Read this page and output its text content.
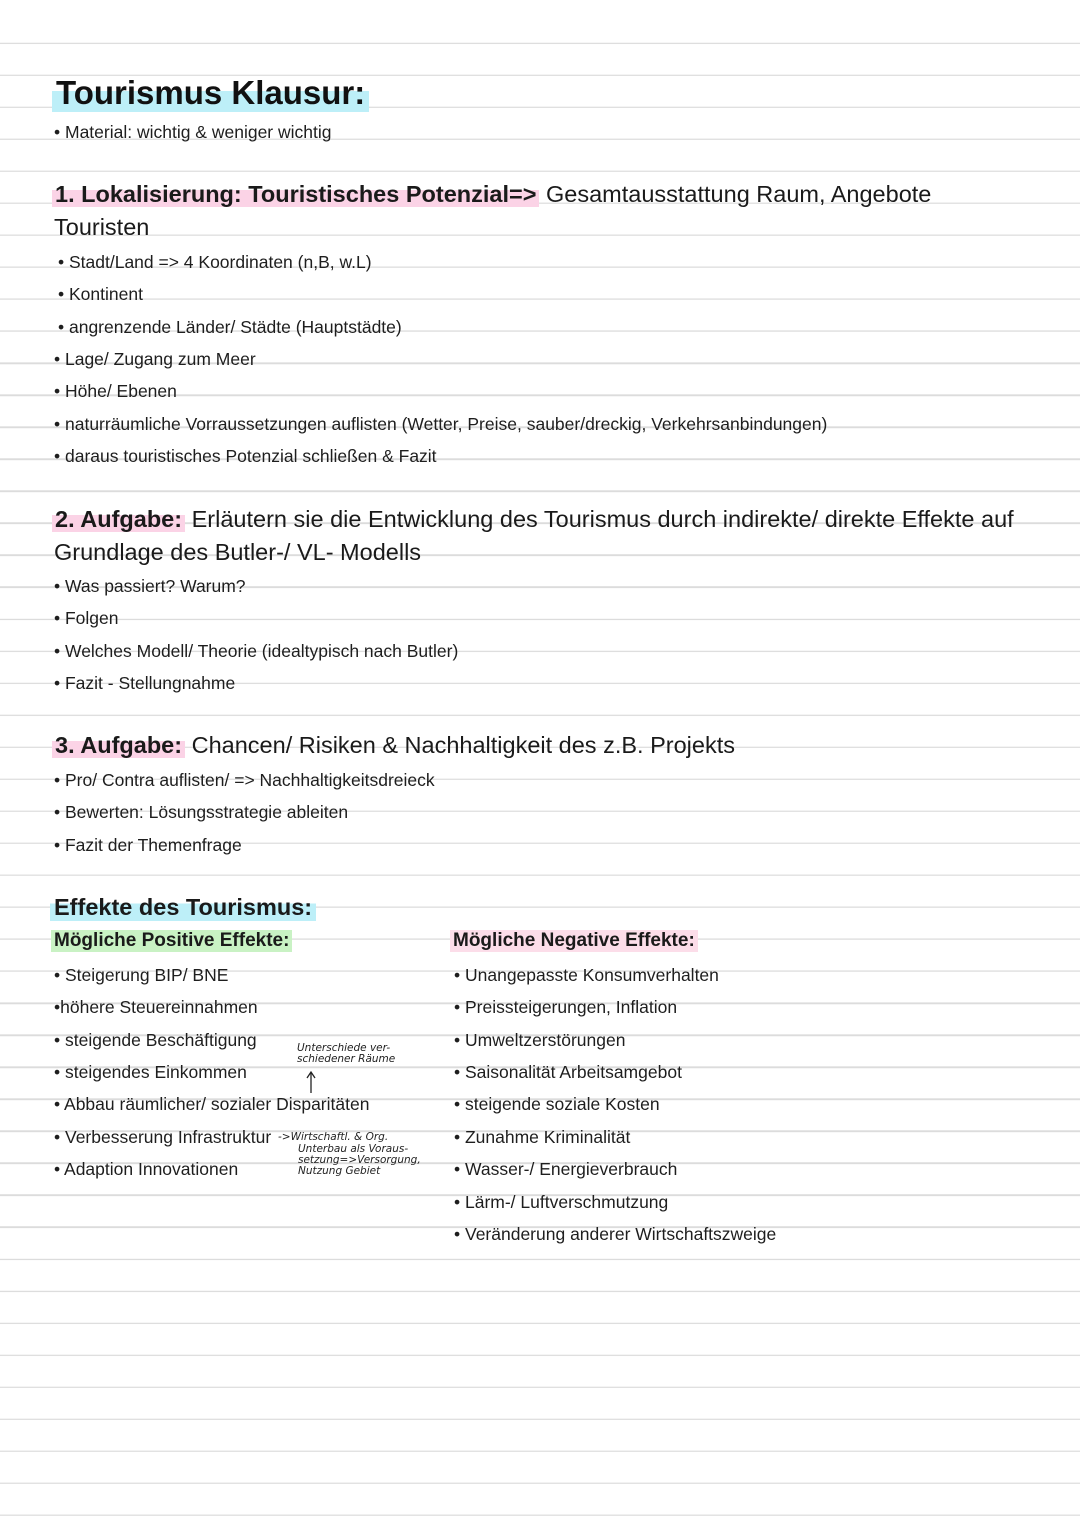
Tourismus Klausur:
• Material: wichtig & weniger wichtig
1. Lokalisierung: Touristisches Potenzial=> Gesamtausstattung Raum, Angebote
Touristen
• Stadt/Land => 4 Koordinaten (n,B, w.L)
• Kontinent
• angrenzende Länder/ Städte (Hauptstädte)
• Lage/ Zugang zum Meer
• Höhe/ Ebenen
• naturräumliche Vorraussetzungen auflisten (Wetter, Preise, sauber/dreckig, Verkehrsanbindungen)
• daraus touristisches Potenzial schließen & Fazit
2. Aufgabe: Erläutern sie die Entwicklung des Tourismus durch indirekte/ direkte Effekte auf
Grundlage des Butler-/ VL- Modells
• Was passiert? Warum?
• Folgen
• Welches Modell/ Theorie (idealtypisch nach Butler)
• Fazit - Stellungnahme
3. Aufgabe: Chancen/ Risiken & Nachhaltigkeit des z.B. Projekts
• Pro/ Contra auflisten/ => Nachhaltigkeitsdreieck
• Bewerten: Lösungsstrategie ableiten
• Fazit der Themenfrage
Effekte des Tourismus:
Mögliche Positive Effekte:
• Steigerung BIP/ BNE
•höhere Steuereinnahmen
• steigende Beschäftigung
• steigendes Einkommen
• Abbau räumlicher/ sozialer Disparitäten
• Verbesserung Infrastruktur
• Adaption Innovationen
Mögliche Negative Effekte:
• Unangepasste Konsumverhalten
• Preissteigerungen, Inflation
• Umweltzerstörungen
• Saisonalität Arbeitsamgebot
• steigende soziale Kosten
• Zunahme Kriminalität
• Wasser-/ Energieverbrauch
• Lärm-/ Luftverschmutzung
• Veränderung anderer Wirtschaftszweige
Unterschiede ver-
schiedener Räume
->Wirtschaftl. & Org.
Unterbau als Voraus-
setzung=>Versorgung,
Nutzung Gebiet
